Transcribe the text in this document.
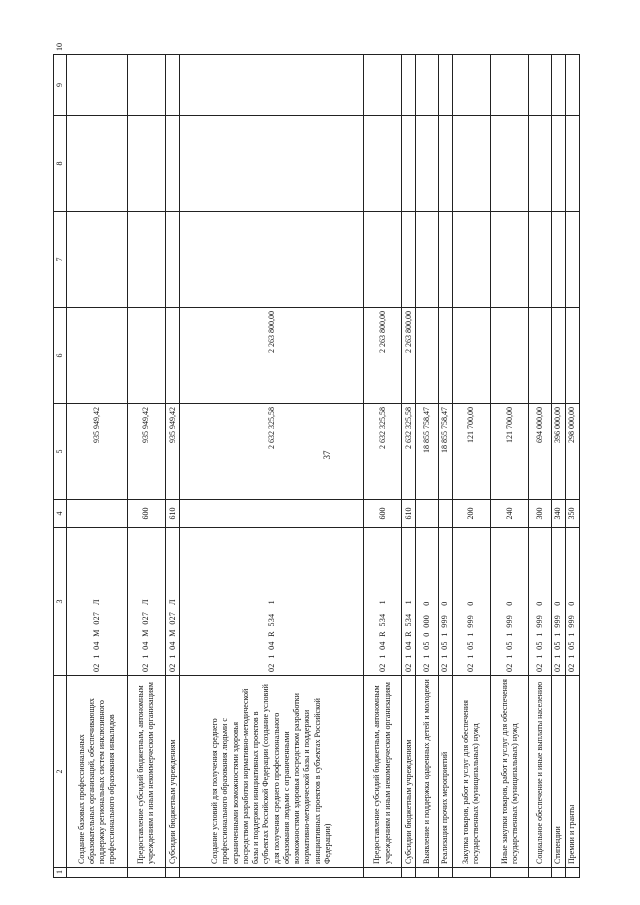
37
1	2	3	4	5	6	7	8	9	10
	Создание базовых профессиональных образовательных организаций, обеспечивающих поддержку региональных систем инклюзивного профессионального образования инвалидов	02  1  04  М  027   Л		935 949,42					
	Предоставление субсидий бюджетным, автономным учреждениям и иным некоммерческим организациям	02  1  04  М  027   Л	600	935 949,42					
	Субсидии бюджетным учреждениям	02  1  04  М  027   Л	610	935 949,42					
	Создание условий для получения среднего профессионального образования людьми с ограниченными возможностями здоровья посредством разработки нормативно-методической базы и поддержки инициативных проектов в субъектах Российской Федерации (создание условий для получения среднего профессионального образования людьми с ограниченными возможностями здоровья посредством разработки нормативно-методической базы и поддержки инициативных проектов в субъектах Российской Федерации)	02  1  04  R  534    1		2 632 325,58	2 263 800,00				
	Предоставление субсидий бюджетным, автономным учреждениям и иным некоммерческим организациям	02  1  04  R  534    1	600	2 632 325,58	2 263 800,00				
	Субсидии бюджетным учреждениям	02  1  04  R  534    1	610	2 632 325,58	2 263 800,00				
	Выявление и поддержка одаренных детей и молодежи	02  1  05  0  000    0		18 855 758,47					
	Реализация прочих мероприятий	02  1  05  1  999    0		18 855 758,47					
	Закупка товаров, работ и услуг для обеспечения государственных (муниципальных) нужд	02  1  05  1  999    0	200	121 700,00					
	Иные закупки товаров, работ и услуг для обеспечения государственных (муниципальных) нужд	02  1  05  1  999    0	240	121 700,00					
	Социальное обеспечение и иные выплаты населению	02  1  05  1  999    0	300	694 000,00					
	Стипендии	02  1  05  1  999    0	340	396 000,00					
	Премии и гранты	02  1  05  1  999    0	350	298 000,00					
